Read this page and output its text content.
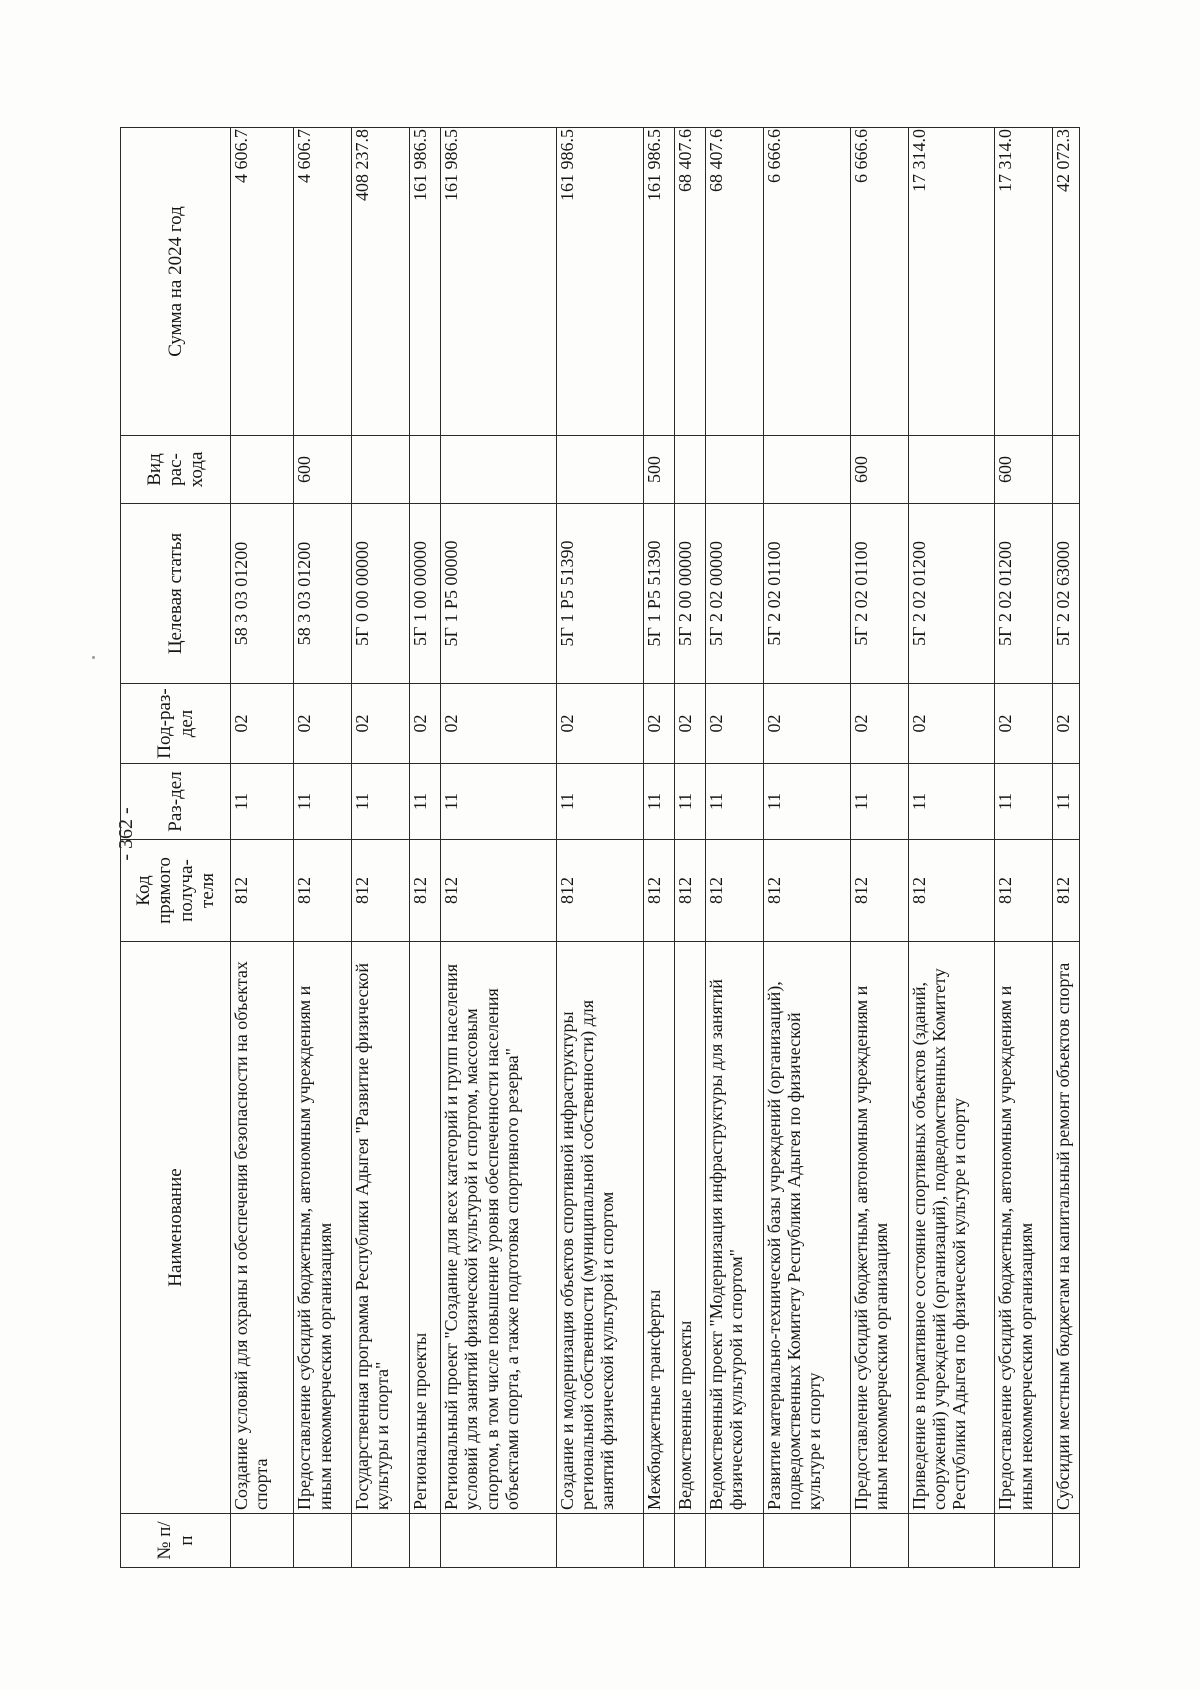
- 362 -
№ п/п	Наименование	Код прямого получа-теля	Раз-дел	Под-раз-дел	Целевая статья	Вид рас-хода	Сумма на 2024 год
	Создание условий для охраны и обеспечения безопасности на объектах спорта	812	11	02	58 3 03 01200		4 606.7
	Предоставление субсидий бюджетным, автономным учреждениям и иным некоммерческим организациям	812	11	02	58 3 03 01200	600	4 606.7
	Государственная программа Республики Адыгея "Развитие физической культуры и спорта"	812	11	02	5Г 0 00 00000		408 237.8
	Региональные проекты	812	11	02	5Г 1 00 00000		161 986.5
	Региональный проект "Создание для всех категорий и групп населения условий для занятий физической культурой и спортом, массовым спортом, в том числе повышение уровня обеспеченности населения объектами спорта, а также подготовка спортивного резерва"	812	11	02	5Г 1 Р5 00000		161 986.5
	Создание и модернизация объектов спортивной инфраструктуры региональной собственности (муниципальной собственности) для занятий физической культурой и спортом	812	11	02	5Г 1 Р5 51390		161 986.5
	Межбюджетные трансферты	812	11	02	5Г 1 Р5 51390	500	161 986.5
	Ведомственные проекты	812	11	02	5Г 2 00 00000		68 407.6
	Ведомственный проект "Модернизация инфраструктуры для занятий физической культурой и спортом"	812	11	02	5Г 2 02 00000		68 407.6
	Развитие материально-технической базы учреждений (организаций), подведомственных Комитету Республики Адыгея по физической культуре и спорту	812	11	02	5Г 2 02 01100		6 666.6
	Предоставление субсидий бюджетным, автономным учреждениям и иным некоммерческим организациям	812	11	02	5Г 2 02 01100	600	6 666.6
	Приведение в нормативное состояние спортивных объектов (зданий, сооружений) учреждений (организаций), подведомственных Комитету Республики Адыгея по физической культуре и спорту	812	11	02	5Г 2 02 01200		17 314.0
	Предоставление субсидий бюджетным, автономным учреждениям и иным некоммерческим организациям	812	11	02	5Г 2 02 01200	600	17 314.0
	Субсидии местным бюджетам на капитальный ремонт объектов спорта	812	11	02	5Г 2 02 63000		42 072.3
